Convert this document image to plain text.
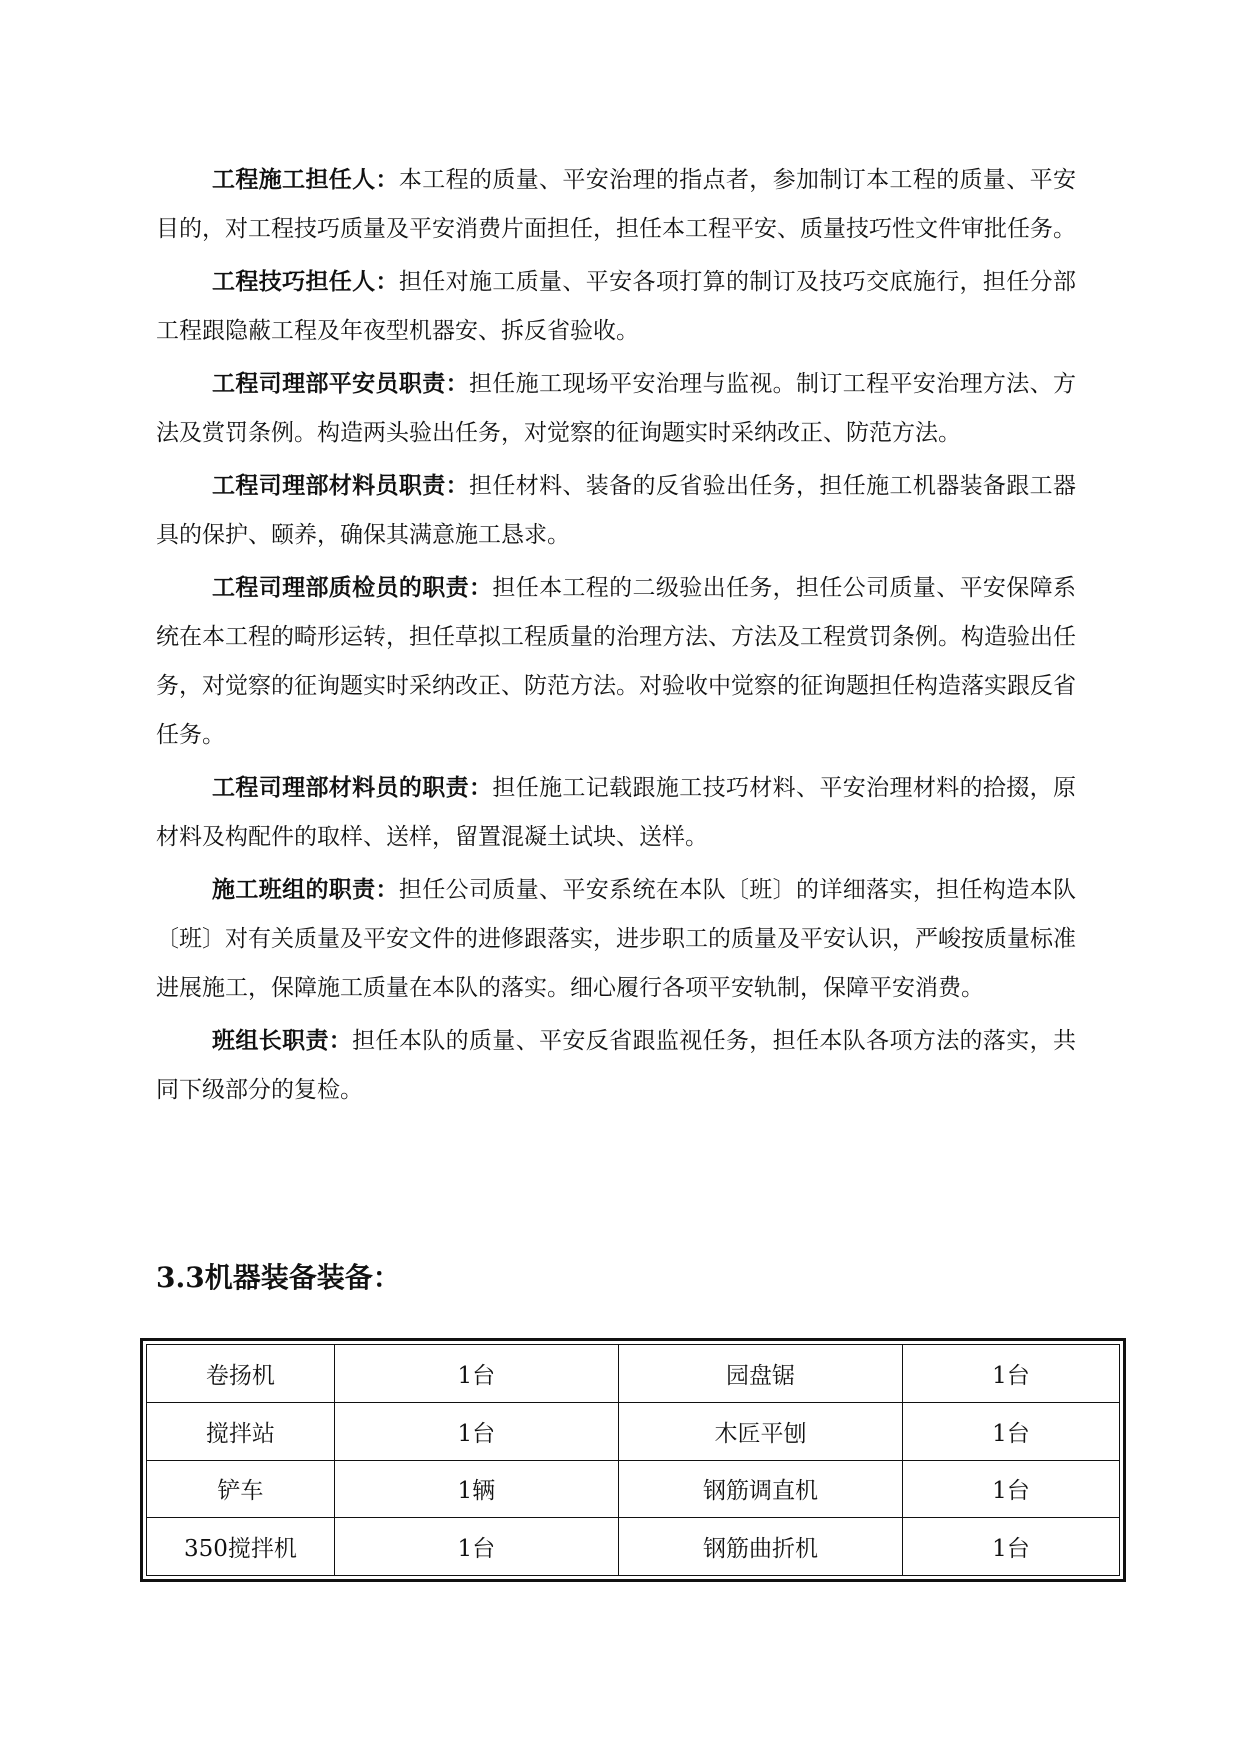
工程施工担任人：本工程的质量、平安治理的指点者，参加制订本工程的质量、平安目的，对工程技巧质量及平安消费片面担任，担任本工程平安、质量技巧性文件审批任务。

工程技巧担任人：担任对施工质量、平安各项打算的制订及技巧交底施行，担任分部工程跟隐蔽工程及年夜型机器安、拆反省验收。

工程司理部平安员职责：担任施工现场平安治理与监视。制订工程平安治理方法、方法及赏罚条例。构造两头验出任务，对觉察的征询题实时采纳改正、防范方法。

工程司理部材料员职责：担任材料、装备的反省验出任务，担任施工机器装备跟工器具的保护、颐养，确保其满意施工恳求。

工程司理部质检员的职责：担任本工程的二级验出任务，担任公司质量、平安保障系统在本工程的畸形运转，担任草拟工程质量的治理方法、方法及工程赏罚条例。构造验出任务，对觉察的征询题实时采纳改正、防范方法。对验收中觉察的征询题担任构造落实跟反省任务。

工程司理部材料员的职责：担任施工记载跟施工技巧材料、平安治理材料的拾掇，原材料及构配件的取样、送样，留置混凝土试块、送样。

施工班组的职责：担任公司质量、平安系统在本队〔班〕的详细落实，担任构造本队〔班〕对有关质量及平安文件的进修跟落实，进步职工的质量及平安认识，严峻按质量标准进展施工，保障施工质量在本队的落实。细心履行各项平安轨制，保障平安消费。

班组长职责：担任本队的质量、平安反省跟监视任务，担任本队各项方法的落实，共同下级部分的复检。

3.3机器装备装备：
卷扬机	1台	园盘锯	1台
搅拌站	1台	木匠平刨	1台
铲车	1辆	钢筋调直机	1台
350搅拌机	1台	钢筋曲折机	1台
